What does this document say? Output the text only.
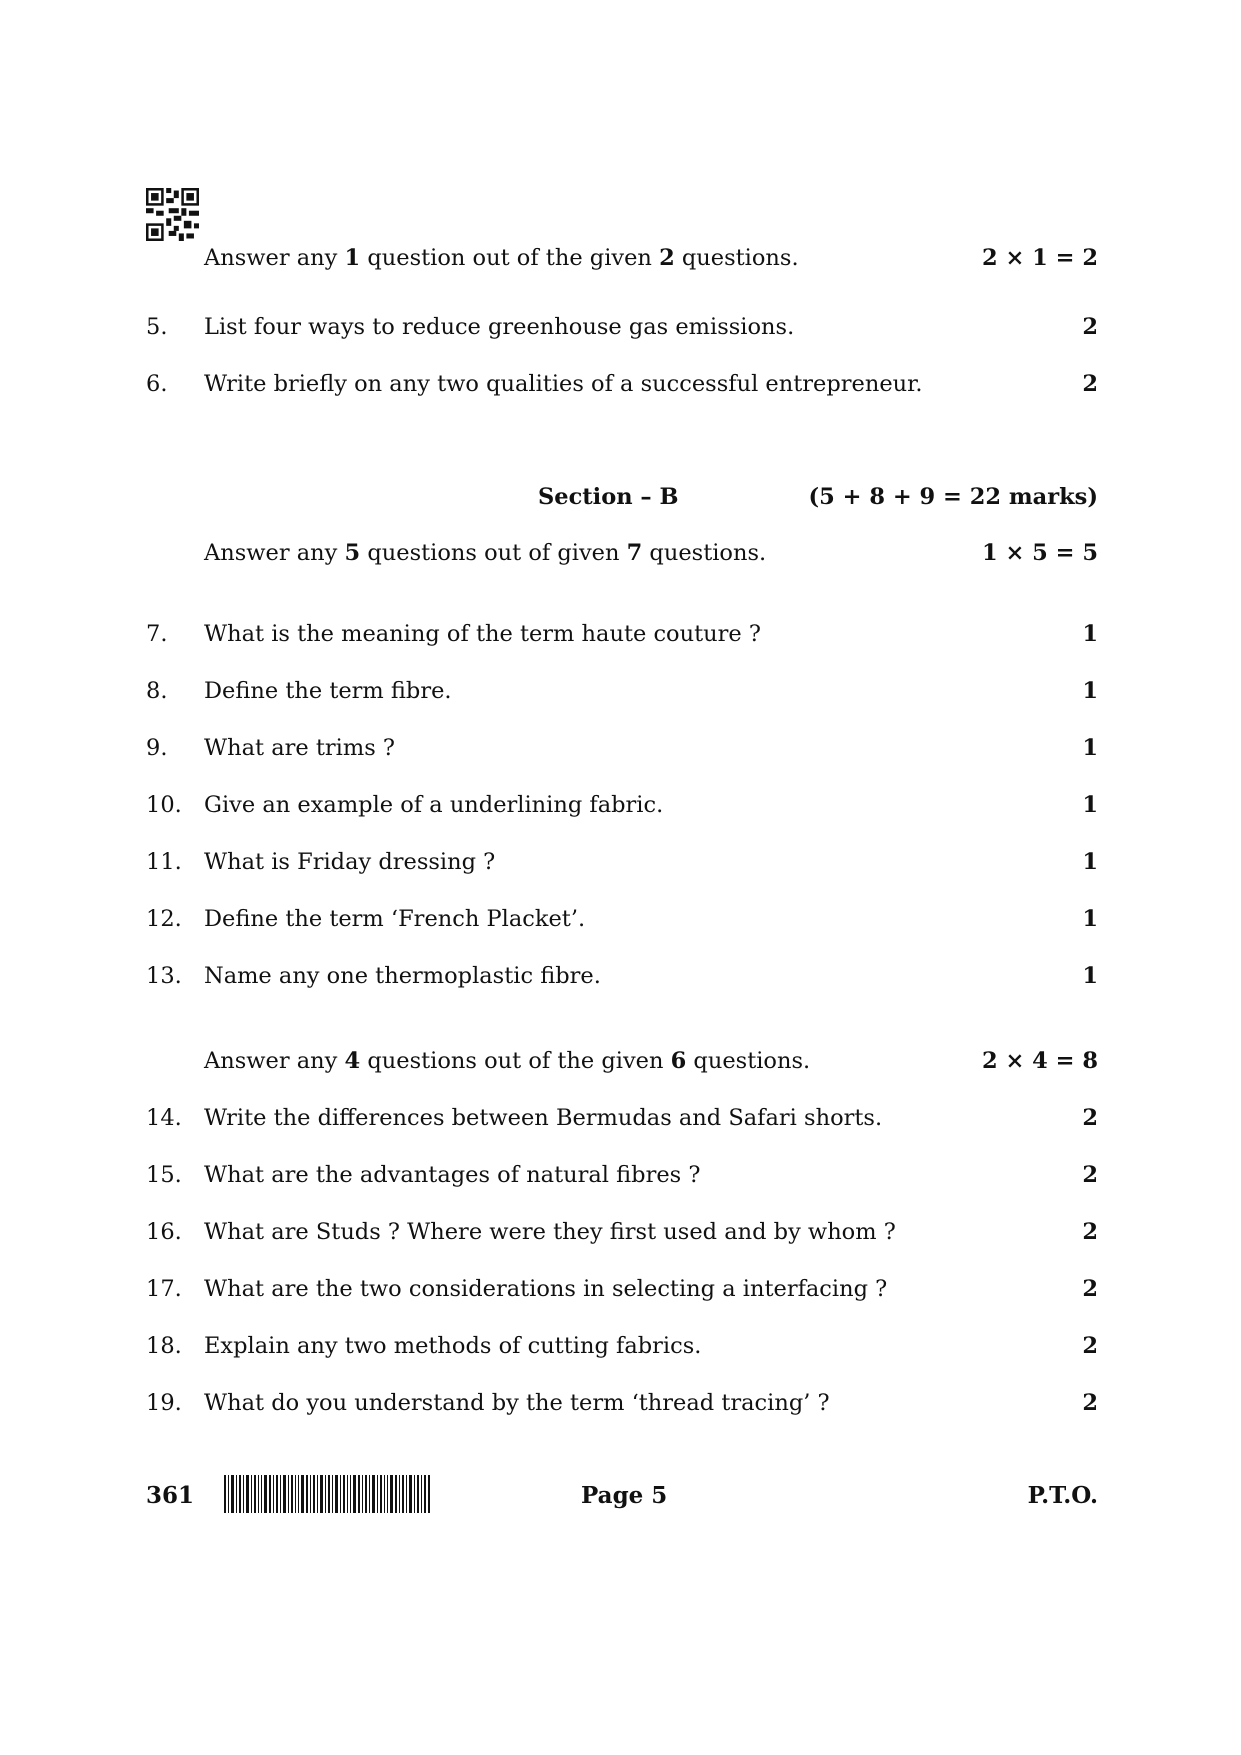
Answer any 1 question out of the given 2 questions.	2 × 1 = 2
5. List four ways to reduce greenhouse gas emissions.	2
6. Write briefly on any two qualities of a successful entrepreneur.	2
Section – B	(5 + 8 + 9 = 22 marks)
Answer any 5 questions out of given 7 questions.	1 × 5 = 5
7. What is the meaning of the term haute couture ?	1
8. Define the term fibre.	1
9. What are trims ?	1
10. Give an example of a underlining fabric.	1
11. What is Friday dressing ?	1
12. Define the term ‘French Placket’.	1
13. Name any one thermoplastic fibre.	1
Answer any 4 questions out of the given 6 questions.	2 × 4 = 8
14. Write the differences between Bermudas and Safari shorts.	2
15. What are the advantages of natural fibres ?	2
16. What are Studs ? Where were they first used and by whom ?	2
17. What are the two considerations in selecting a interfacing ?	2
18. Explain any two methods of cutting fabrics.	2
19. What do you understand by the term ‘thread tracing’ ?	2
361	Page 5	P.T.O.
